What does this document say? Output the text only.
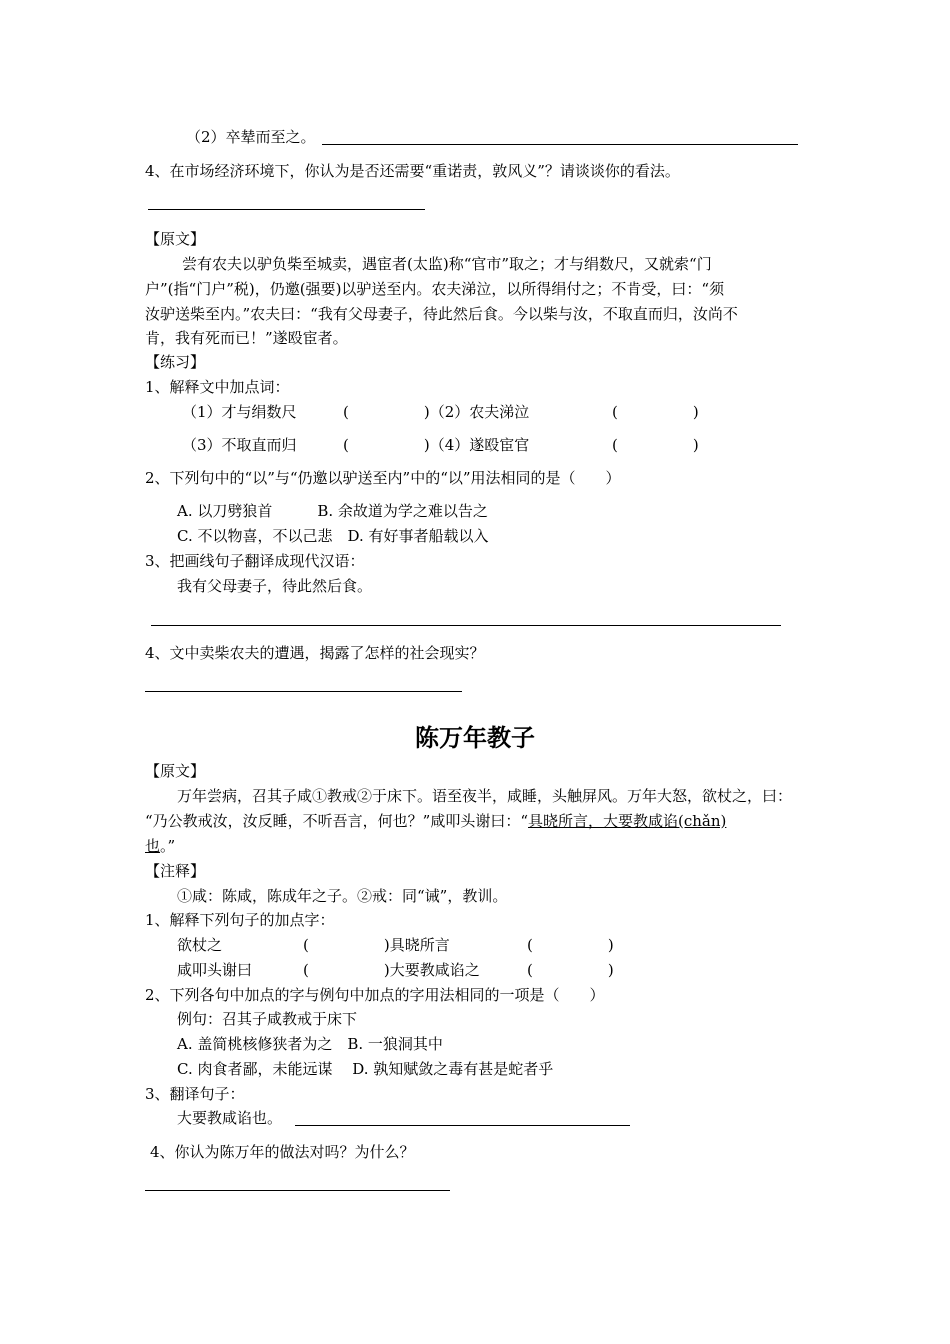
（2）卒辇而至之。
4、在市场经济环境下，你认为是否还需要“重诺责，敦风义”？请谈谈你的看法。
【原文】
尝有农夫以驴负柴至城卖，遇宦者(太监)称“官市”取之；才与绢数尺，又就索“门
户”(指“门户”税)，仍邀(强要)以驴送至内。农夫涕泣，以所得绢付之；不肯受，曰：“须
汝驴送柴至内。”农夫曰：“我有父母妻子，待此然后食。今以柴与汝，不取直而归，汝尚不
肯，我有死而已！”遂殴宦者。
【练习】
1、解释文中加点词：
（1）才与绢数尺	(　　　　　)（2）农夫涕泣	(　　　　　)
（3）不取直而归	(　　　　　)（4）遂殴宦官	(　　　　　)
2、下列句中的“以”与“仍邀以驴送至内”中的“以”用法相同的是（　　）
A. 以刀劈狼首　　　B. 余故道为学之难以告之
C. 不以物喜，不以己悲　D. 有好事者船载以入
3、把画线句子翻译成现代汉语：
我有父母妻子，待此然后食。
4、文中卖柴农夫的遭遇，揭露了怎样的社会现实？
陈万年教子
【原文】
万年尝病，召其子咸①教戒②于床下。语至夜半，咸睡，头触屏风。万年大怒，欲杖之，曰：
“乃公教戒汝，汝反睡，不听吾言，何也？”咸叩头谢曰：“具晓所言，大要教咸谄(chǎn)
也。”
【注释】
①咸：陈咸，陈成年之子。②戒：同“诫”，教训。
1、解释下列句子的加点字：
欲杖之	(　　　　　)具晓所言	(　　　　　)
咸叩头谢曰	(　　　　　)大要教咸谄之	(　　　　　)
2、下列各句中加点的字与例句中加点的字用法相同的一项是（　　）
例句：召其子咸教戒于床下
A. 盖简桃核修狭者为之　B. 一狼洞其中
C. 肉食者鄙，未能远谋　 D. 孰知赋敛之毒有甚是蛇者乎
3、翻译句子：
大要教咸谄也。
4、你认为陈万年的做法对吗？为什么？
